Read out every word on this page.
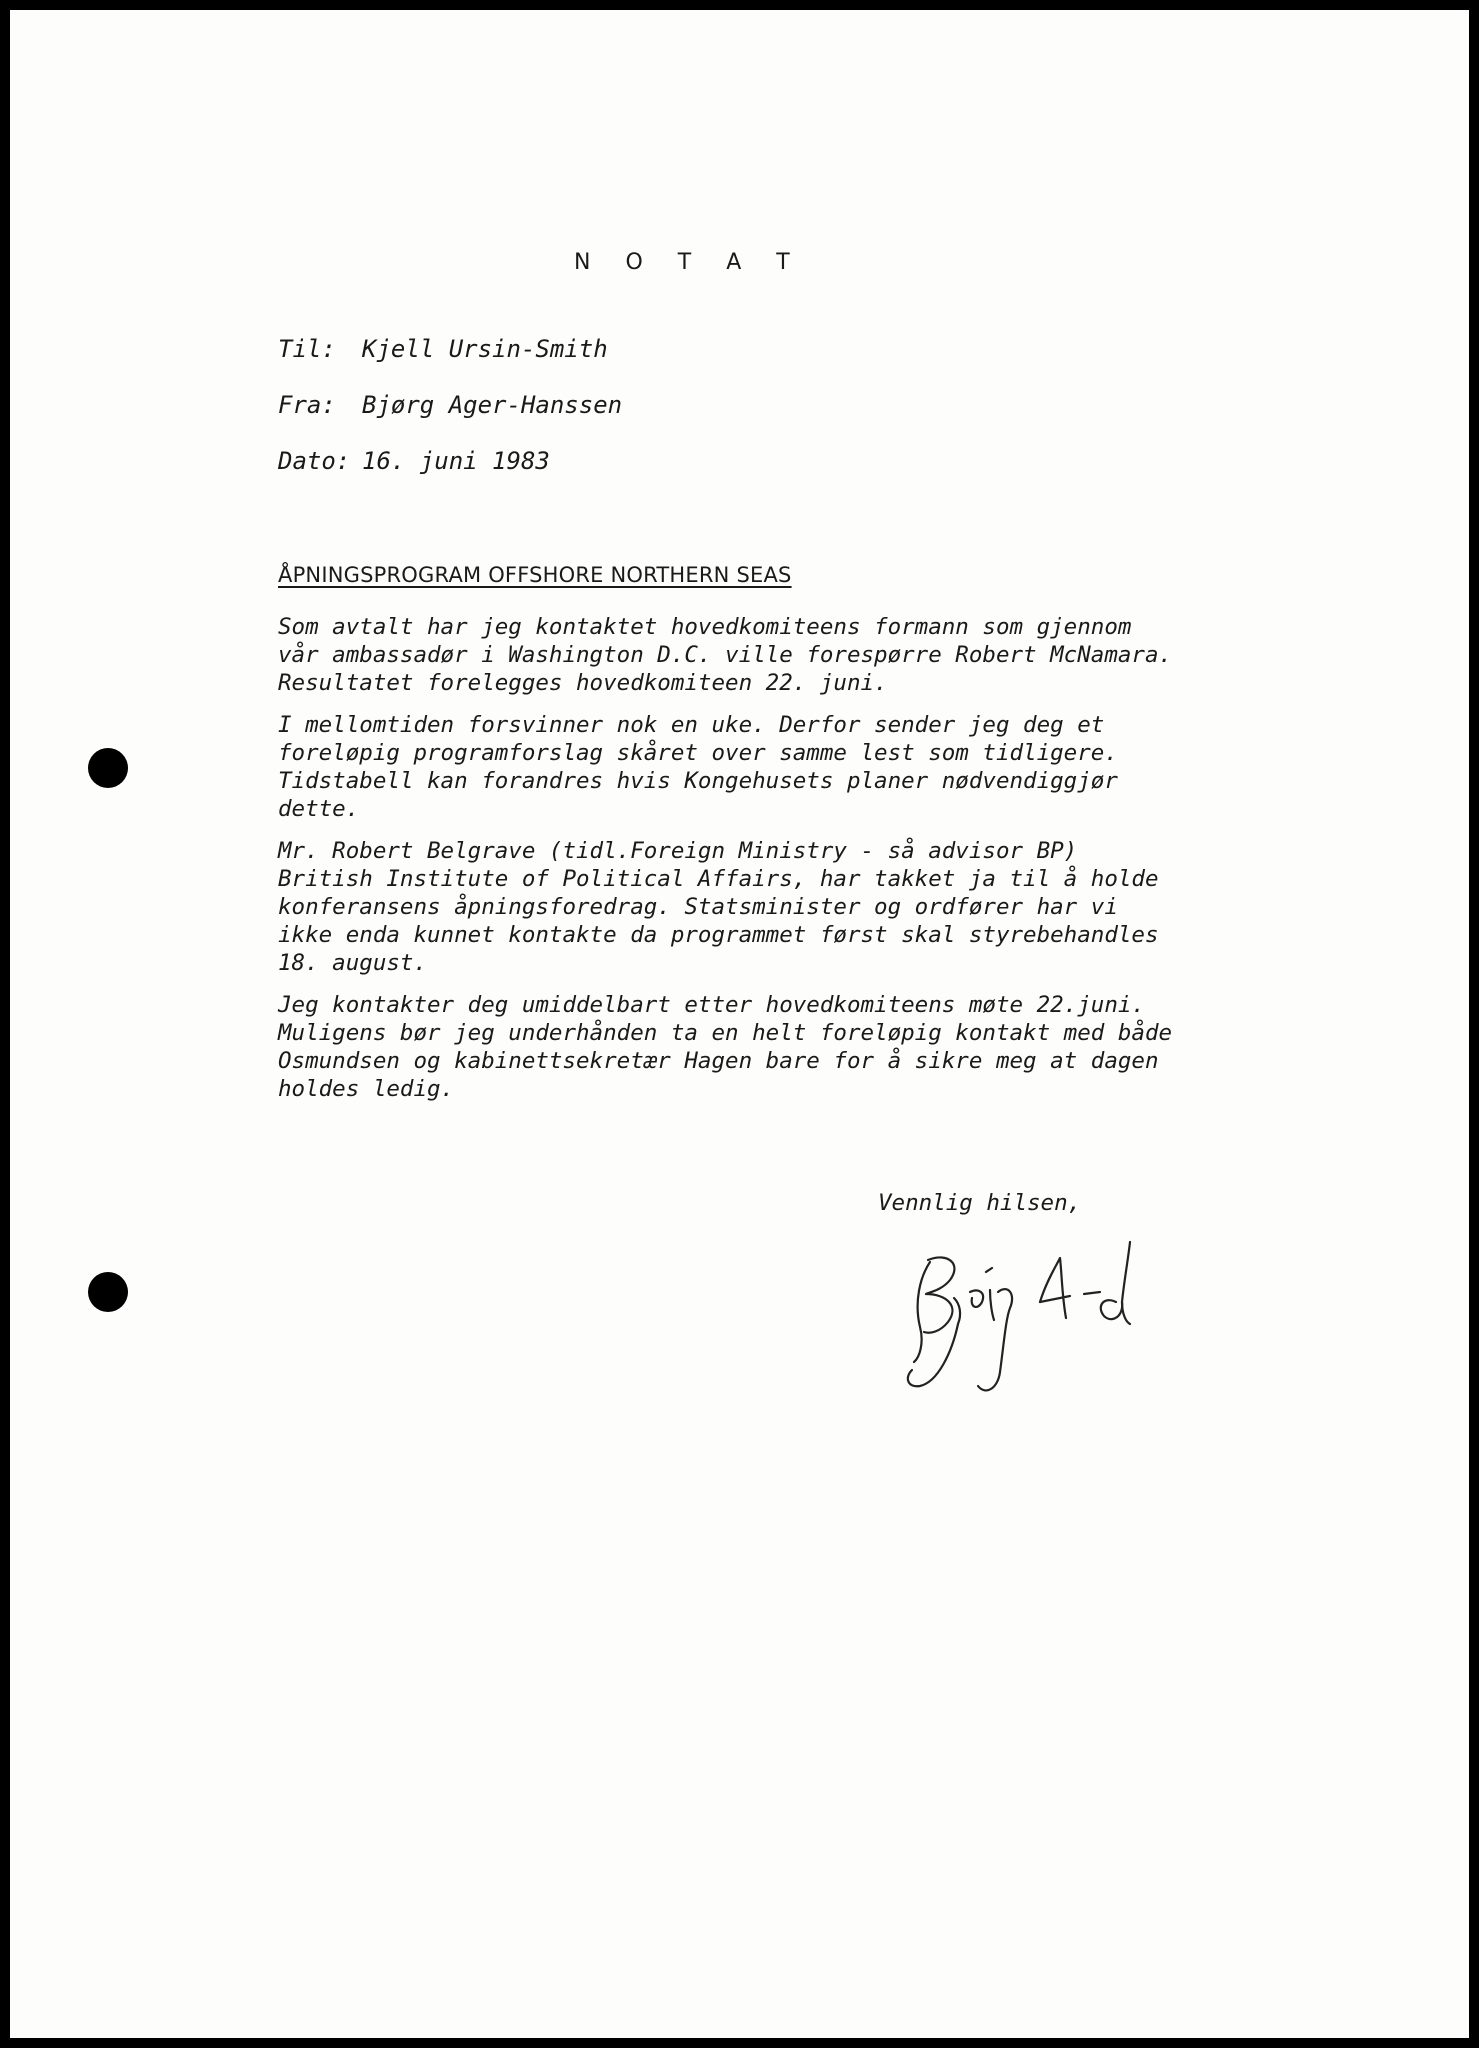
N O T A T
Til: Kjell Ursin-Smith
Fra: Bjørg Ager-Hanssen
Dato: 16. juni 1983
ÅPNINGSPROGRAM OFFSHORE NORTHERN SEAS

Som avtalt har jeg kontaktet hovedkomiteens formann som gjennom
vår ambassadør i Washington D.C. ville forespørre Robert McNamara.
Resultatet forelegges hovedkomiteen 22. juni.

I mellomtiden forsvinner nok en uke. Derfor sender jeg deg et
foreløpig programforslag skåret over samme lest som tidligere.
Tidstabell kan forandres hvis Kongehusets planer nødvendiggjør
dette.

Mr. Robert Belgrave (tidl.Foreign Ministry - så advisor BP)
British Institute of Political Affairs, har takket ja til å holde
konferansens åpningsforedrag. Statsminister og ordfører har vi
ikke enda kunnet kontakte da programmet først skal styrebehandles
18. august.

Jeg kontakter deg umiddelbart etter hovedkomiteens møte 22.juni.
Muligens bør jeg underhånden ta en helt foreløpig kontakt med både
Osmundsen og kabinettsekretær Hagen bare for å sikre meg at dagen
holdes ledig.

Vennlig hilsen,
